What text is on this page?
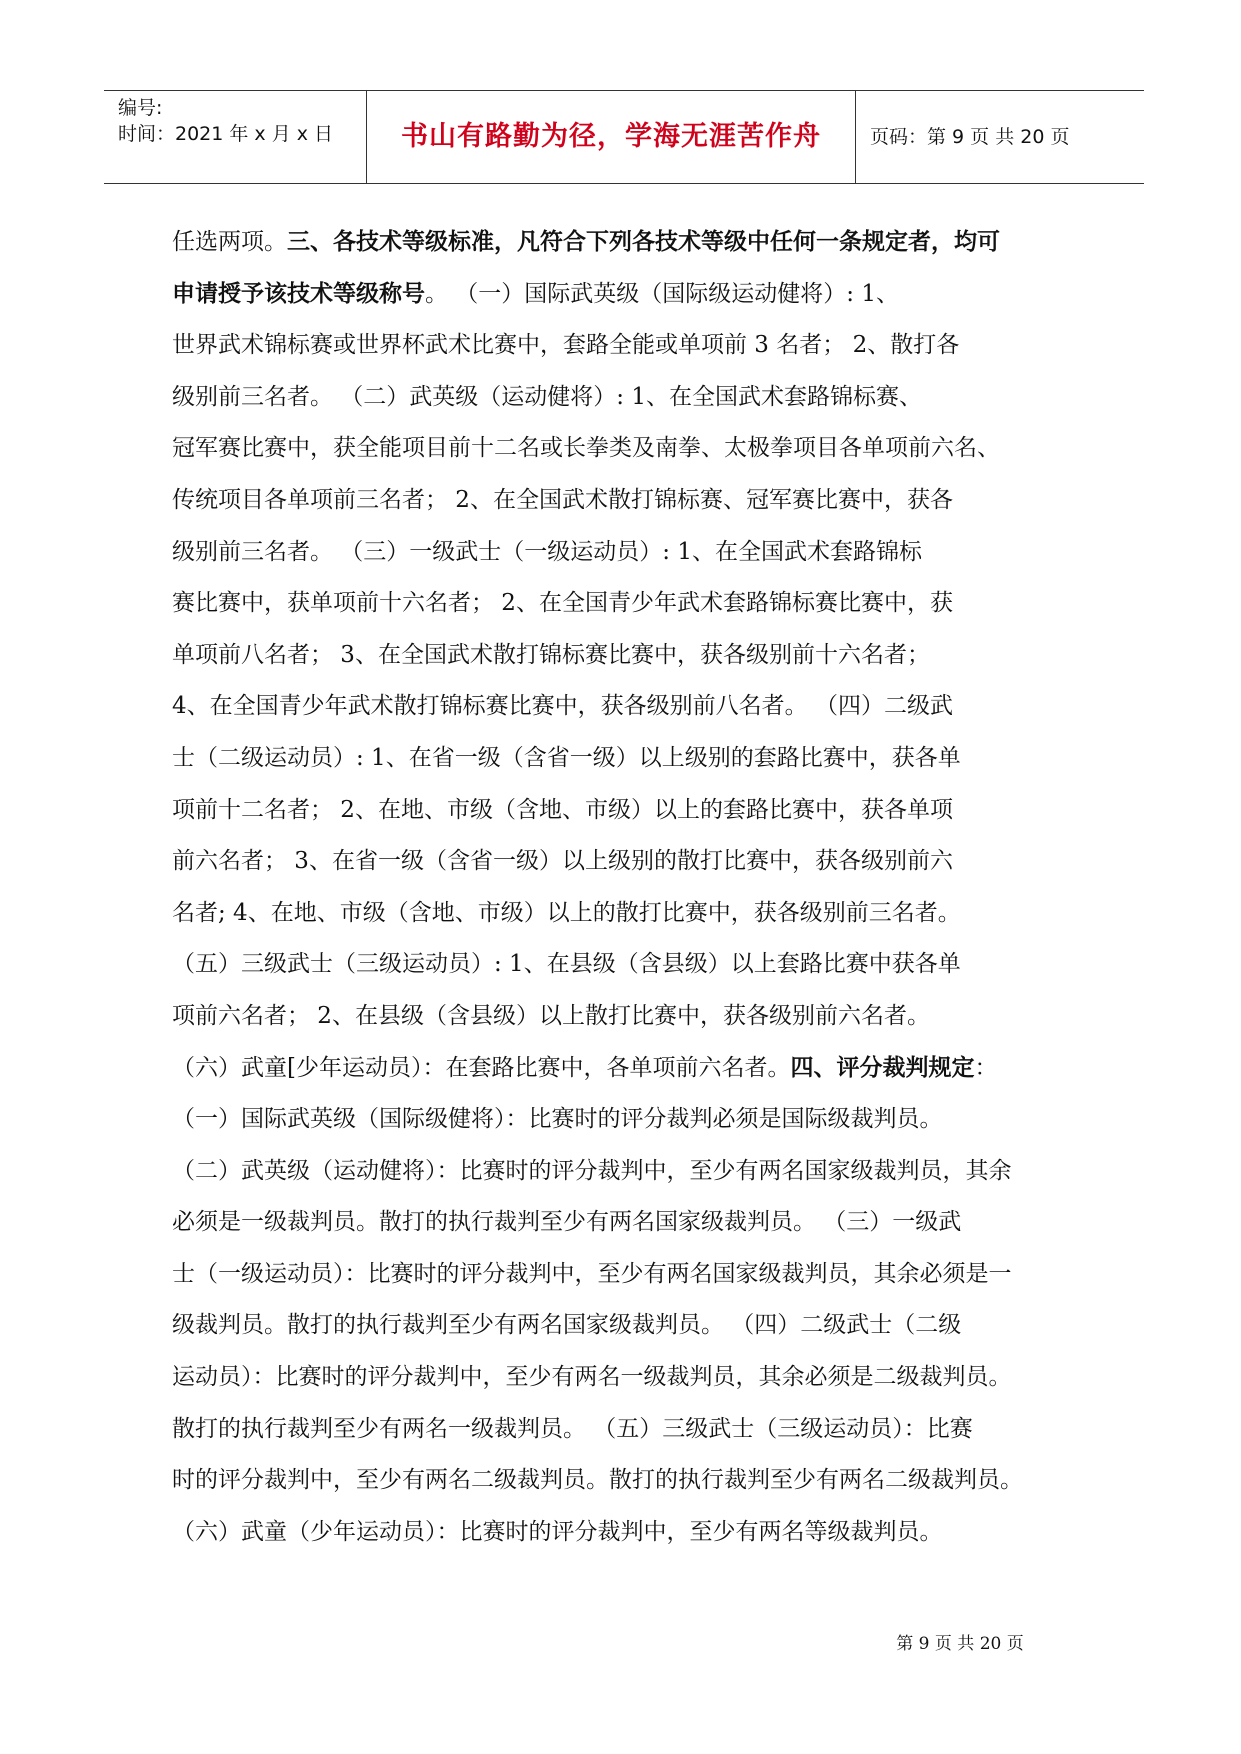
编号:
时间：2021 年 x 月 x 日	书山有路勤为径，学海无涯苦作舟	页码：第 9 页 共 20 页
任选两项。三、各技术等级标准，凡符合下列各技术等级中任何一条规定者，均可
申请授予该技术等级称号。 （一）国际武英级（国际级运动健将）: 1、
世界武术锦标赛或世界杯武术比赛中，套路全能或单项前 3 名者； 2、散打各
级别前三名者。 （二）武英级（运动健将）: 1、在全国武术套路锦标赛、
冠军赛比赛中，获全能项目前十二名或长拳类及南拳、太极拳项目各单项前六名、
传统项目各单项前三名者； 2、在全国武术散打锦标赛、冠军赛比赛中，获各
级别前三名者。 （三）一级武士（一级运动员）: 1、在全国武术套路锦标
赛比赛中，获单项前十六名者； 2、在全国青少年武术套路锦标赛比赛中，获
单项前八名者； 3、在全国武术散打锦标赛比赛中，获各级别前十六名者；
4、在全国青少年武术散打锦标赛比赛中，获各级别前八名者。 （四）二级武
士（二级运动员）: 1、在省一级（含省一级）以上级别的套路比赛中，获各单
项前十二名者； 2、在地、市级（含地、市级）以上的套路比赛中，获各单项
前六名者； 3、在省一级（含省一级）以上级别的散打比赛中，获各级别前六
名者; 4、在地、市级（含地、市级）以上的散打比赛中，获各级别前三名者。
（五）三级武士（三级运动员）: 1、在县级（含县级）以上套路比赛中获各单
项前六名者； 2、在县级（含县级）以上散打比赛中，获各级别前六名者。
（六）武童[少年运动员）：在套路比赛中，各单项前六名者。四、评分裁判规定：
（一）国际武英级（国际级健将）：比赛时的评分裁判必须是国际级裁判员。
（二）武英级（运动健将）：比赛时的评分裁判中，至少有两名国家级裁判员，其余
必须是一级裁判员。散打的执行裁判至少有两名国家级裁判员。 （三）一级武
士（一级运动员）：比赛时的评分裁判中，至少有两名国家级裁判员，其余必须是一
级裁判员。散打的执行裁判至少有两名国家级裁判员。 （四）二级武士（二级
运动员）：比赛时的评分裁判中，至少有两名一级裁判员，其余必须是二级裁判员。
散打的执行裁判至少有两名一级裁判员。 （五）三级武士（三级运动员）：比赛
时的评分裁判中，至少有两名二级裁判员。散打的执行裁判至少有两名二级裁判员。
（六）武童（少年运动员）：比赛时的评分裁判中，至少有两名等级裁判员。
第 9 页 共 20 页
